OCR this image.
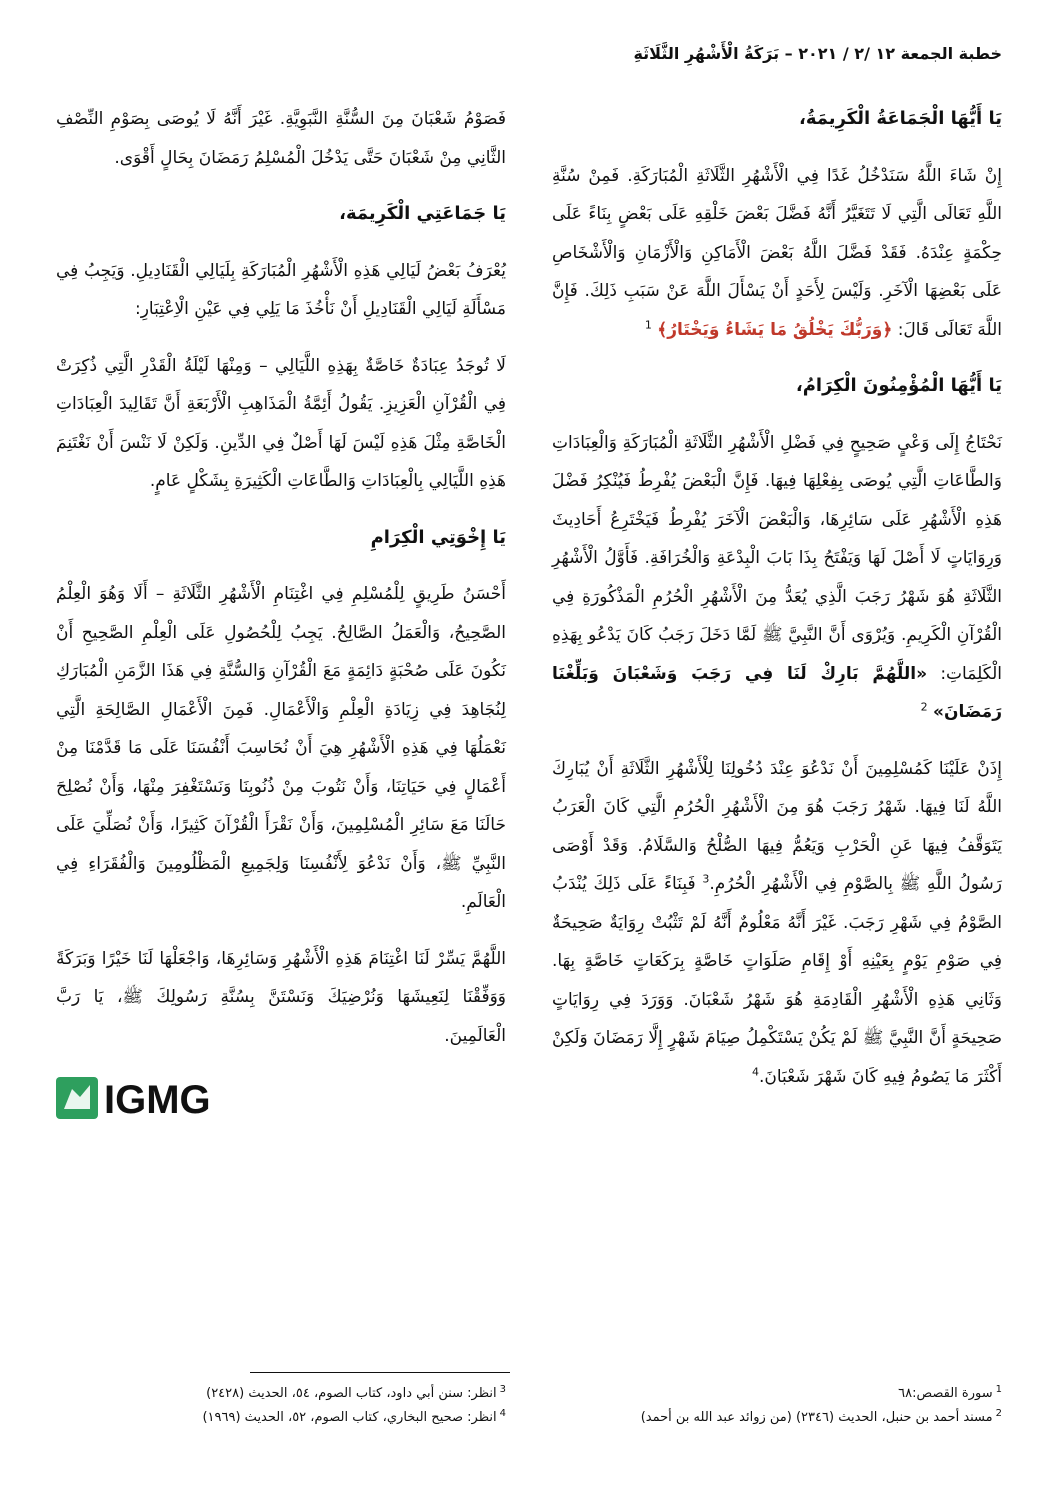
خطبة الجمعة ١٢ /٢ / ٢٠٢١ – بَرَكَةُ الْأَشْهُرِ الثَّلَاثَةِ
يَا أَيُّهَا الْجَمَاعَةُ الْكَرِيمَةُ،
إِنْ شَاءَ اللَّهُ سَنَدْخُلُ غَدًا فِي الْأَشْهُرِ الثَّلَاثَةِ الْمُبَارَكَةِ. فَمِنْ سُنَّةِ اللَّهِ تَعَالَى الَّتِي لَا تَتَغَيَّرُ أَنَّهُ فَضَّلَ بَعْضَ خَلْقِهِ عَلَى بَعْضٍ بِنَاءً عَلَى حِكْمَةٍ عِنْدَهُ. فَقَدْ فَضَّلَ اللَّهُ بَعْضَ الْأَمَاكِنِ وَالْأَزْمَانِ وَالْأَشْخَاصِ عَلَى بَعْضِهَا الْآخَرِ. وَلَيْسَ لِأَحَدٍ أَنْ يَسْأَلَ اللَّهَ عَنْ سَبَبِ ذَلِكَ. فَإِنَّ اللَّهَ تَعَالَى قَالَ: ﴿وَرَبُّكَ يَخْلُقُ مَا يَشَاءُ وَيَخْتَارُ﴾ $^1$
يَا أَيُّهَا الْمُؤْمِنُونَ الْكِرَامُ،
نَحْتَاجُ إِلَى وَعْيٍ صَحِيحٍ فِي فَضْلِ الْأَشْهُرِ الثَّلَاثَةِ الْمُبَارَكَةِ وَالْعِبَادَاتِ وَالطَّاعَاتِ الَّتِي يُوصَى بِفِعْلِهَا فِيهَا. فَإِنَّ الْبَعْضَ يُفْرِطُ فَيُنْكِرُ فَضْلَ هَذِهِ الْأَشْهُرِ عَلَى سَائِرِهَا، وَالْبَعْضَ الْآخَرَ يُفْرِطُ فَيَخْتَرِعُ أَحَادِيثَ وَرِوَايَاتٍ لَا أَصْلَ لَهَا وَيَفْتَحُ بِذَا بَابَ الْبِدْعَةِ وَالْخُرَافَةِ. فَأَوَّلُ الْأَشْهُرِ الثَّلَاثَةِ هُوَ شَهْرُ رَجَبَ الَّذِي يُعَدُّ مِنَ الْأَشْهُرِ الْحُرُمِ الْمَذْكُورَةِ فِي الْقُرْآنِ الْكَرِيمِ. وَيُرْوَى أَنَّ النَّبِيَّ ﷺ لَمَّا دَخَلَ رَجَبُ كَانَ يَدْعُو بِهَذِهِ الْكَلِمَاتِ: «اللَّهُمَّ بَارِكْ لَنَا فِي رَجَبَ وَشَعْبَانَ وَبَلِّغْنَا رَمَضَانَ» $^2$
إِذَنْ عَلَيْنَا كَمُسْلِمِينَ أَنْ نَدْعُوَ عِنْدَ دُخُولِنَا لِلْأَشْهُرِ الثَّلَاثَةِ أَنْ يُبَارِكَ اللَّهُ لَنَا فِيهَا. شَهْرُ رَجَبَ هُوَ مِنَ الْأَشْهُرِ الْحُرُمِ الَّتِي كَانَ الْعَرَبُ يَتَوَقَّفُ فِيهَا عَنِ الْحَرْبِ وَيَعُمُّ فِيهَا الصُّلْحُ وَالسَّلَامُ. وَقَدْ أَوْصَى رَسُولُ اللَّهِ ﷺ بِالصَّوْمِ فِي الْأَشْهُرِ الْحُرُمِ.$^3$ فَبِنَاءً عَلَى ذَلِكَ يُنْدَبُ الصَّوْمُ فِي شَهْرِ رَجَبَ. غَيْرَ أَنَّهُ مَعْلُومٌ أَنَّهُ لَمْ تَثْبُتْ رِوَايَةٌ صَحِيحَةٌ فِي صَوْمِ يَوْمٍ بِعَيْنِهِ أَوْ إِقَامِ صَلَوَاتٍ خَاصَّةٍ بِرَكَعَاتٍ خَاصَّةٍ بِهَا. وَثَانِي هَذِهِ الْأَشْهُرِ الْقَادِمَةِ هُوَ شَهْرُ شَعْبَانَ. وَوَرَدَ فِي رِوَايَاتٍ صَحِيحَةٍ أَنَّ النَّبِيَّ ﷺ لَمْ يَكُنْ يَسْتَكْمِلُ صِيَامَ شَهْرٍ إِلَّا رَمَضَانَ وَلَكِنْ أَكْثَرَ مَا يَصُومُ فِيهِ كَانَ شَهْرَ شَعْبَانَ.$^4$
فَصَوْمُ شَعْبَانَ مِنَ السُّنَّةِ النَّبَوِيَّةِ. غَيْرَ أَنَّهُ لَا يُوصَى بِصَوْمِ النِّصْفِ الثَّانِي مِنْ شَعْبَانَ حَتَّى يَدْخُلَ الْمُسْلِمُ رَمَضَانَ بِحَالٍ أَقْوَى.
يَا جَمَاعَتِي الْكَرِيمَة،
يُعْرَفُ بَعْضُ لَيَالِي هَذِهِ الْأَشْهُرِ الْمُبَارَكَةِ بِلَيَالِي الْقَنَادِيلِ. وَيَجِبُ فِي مَسْأَلَةِ لَيَالِي الْقَنَادِيلِ أَنْ نَأْخُذَ مَا يَلِي فِي عَيْنِ الْاِعْتِبَارِ:
لَا تُوجَدُ عِبَادَةٌ خَاصَّةٌ بِهَذِهِ اللَّيَالِي – وَمِنْهَا لَيْلَةُ الْقَدْرِ الَّتِي ذُكِرَتْ فِي الْقُرْآنِ الْعَزِيزِ. يَقُولُ أَئِمَّةُ الْمَذَاهِبِ الْأَرْبَعَةِ أَنَّ تَقَالِيدَ الْعِبَادَاتِ الْخَاصَّةِ مِثْلَ هَذِهِ لَيْسَ لَهَا أَصْلٌ فِي الدِّينِ. وَلَكِنْ لَا نَنْسَ أَنْ نَغْتَنِمَ هَذِهِ اللَّيَالِي بِالْعِبَادَاتِ وَالطَّاعَاتِ الْكَثِيرَةِ بِشَكْلٍ عَامٍ.
يَا إِخْوَتِي الْكِرَامِ
أَحْسَنُ طَرِيقٍ لِلْمُسْلِمِ فِي اغْتِنَامِ الْأَشْهُرِ الثَّلَاثَةِ – أَلَا وَهُوَ الْعِلْمُ الصَّحِيحُ، وَالْعَمَلُ الصَّالِحُ. يَجِبُ لِلْحُصُولِ عَلَى الْعِلْمِ الصَّحِيحِ أَنْ نَكُونَ عَلَى صُحْبَةٍ دَائِمَةٍ مَعَ الْقُرْآنِ وَالسُّنَّةِ فِي هَذَا الزَّمَنِ الْمُبَارَكِ لِنُجَاهِدَ فِي زِيَادَةِ الْعِلْمِ وَالْأَعْمَالِ. فَمِنَ الْأَعْمَالِ الصَّالِحَةِ الَّتِي نَعْمَلُهَا فِي هَذِهِ الْأَشْهُرِ هِيَ أَنْ نُحَاسِبَ أَنْفُسَنَا عَلَى مَا قَدَّمْنَا مِنْ أَعْمَالٍ فِي حَيَاتِنَا، وَأَنْ نَتُوبَ مِنْ ذُنُوبِنَا وَنَسْتَغْفِرَ مِنْهَا، وَأَنْ نُصْلِحَ حَالَنَا مَعَ سَائِرِ الْمُسْلِمِينَ، وَأَنْ نَقْرَأَ الْقُرْآنَ كَثِيرًا، وَأَنْ نُصَلِّيَ عَلَى النَّبِيِّ ﷺ، وَأَنْ نَدْعُوَ لِأَنْفُسِنَا وَلِجَمِيعِ الْمَظْلُومِينَ وَالْفُقَرَاءِ فِي الْعَالَمِ.
اللَّهُمَّ يَسِّرْ لَنَا اغْتِنَامَ هَذِهِ الْأَشْهُرِ وَسَائِرِهَا، وَاجْعَلْهَا لَنَا خَيْرًا وَبَرَكَةً وَوَفِّقْنَا لِنَعِيشَهَا وَنُرْضِيَكَ وَنَسْتَنَّ بِسُنَّةِ رَسُولِكَ ﷺ، يَا رَبَّ الْعَالَمِينَ.
IGMG
$^1$سورة القصص:٦٨
$^2$مسند أحمد بن حنبل، الحديث (٢٣٤٦) (من زوائد عبد الله بن أحمد)
$^3$انظر: سنن أبي داود، كتاب الصوم، ٥٤، الحديث (٢٤٢٨)
$^4$انظر: صحيح البخاري، كتاب الصوم، ٥٢، الحديث (١٩٦٩)
